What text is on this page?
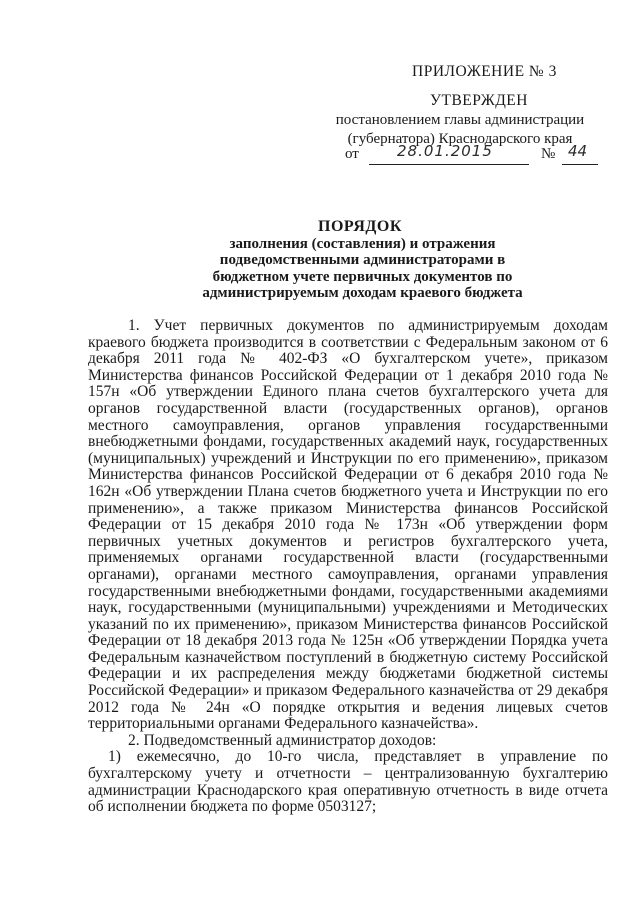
ПРИЛОЖЕНИЕ № 3
УТВЕРЖДЕН
постановлением главы администрации (губернатора) Краснодарского края
от	28.01.2015	№ 44
ПОРЯДОК
заполнения (составления) и отражения подведомственными администраторами в бюджетном учете первичных документов по администрируемым доходам краевого бюджета

1. Учет первичных документов по администрируемым доходам краевого бюджета производится в соответствии с Федеральным законом от 6 декабря 2011 года № 402-ФЗ «О бухгалтерском учете», приказом Министерства финансов Российской Федерации от 1 декабря 2010 года № 157н «Об утверждении Единого плана счетов бухгалтерского учета для органов государственной власти (государственных органов), органов местного самоуправления, органов управления государственными внебюджетными фондами, государственных академий наук, государственных (муниципальных) учреждений и Инструкции по его применению», приказом Министерства финансов Российской Федерации от 6 декабря 2010 года № 162н «Об утверждении Плана счетов бюджетного учета и Инструкции по его применению», а также приказом Министерства финансов Российской Федерации от 15 декабря 2010 года № 173н «Об утверждении форм первичных учетных документов и регистров бухгалтерского учета, применяемых органами государственной власти (государственными органами), органами местного самоуправления, органами управления государственными внебюджетными фондами, государственными академиями наук, государственными (муниципальными) учреждениями и Методических указаний по их применению», приказом Министерства финансов Российской Федерации от 18 декабря 2013 года № 125н «Об утверждении Порядка учета Федеральным казначейством поступлений в бюджетную систему Российской Федерации и их распределения между бюджетами бюджетной системы Российской Федерации» и приказом Федерального казначейства от 29 декабря 2012 года № 24н «О порядке открытия и ведения лицевых счетов территориальными органами Федерального казначейства».

2. Подведомственный администратор доходов:

1) ежемесячно, до 10-го числа, представляет в управление по бухгалтерскому учету и отчетности – централизованную бухгалтерию администрации Краснодарского края оперативную отчетность в виде отчета об исполнении бюджета по форме 0503127;
